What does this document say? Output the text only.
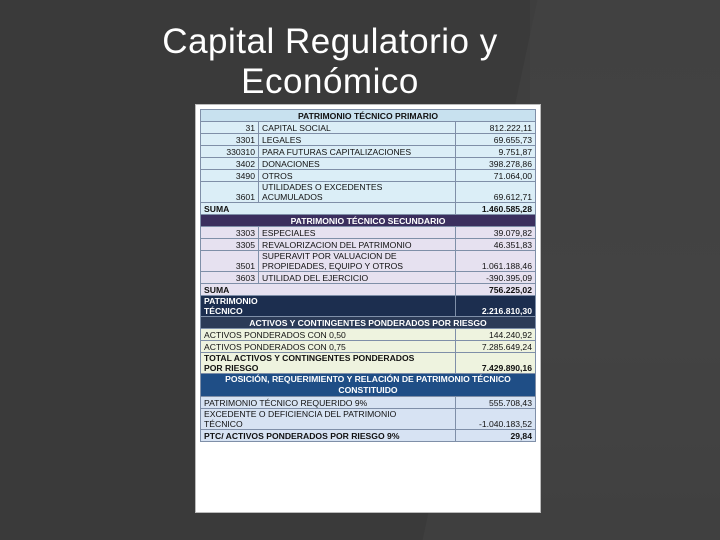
Capital Regulatorio y
Económico
PATRIMONIO TÉCNICO PRIMARIO		
31	CAPITAL SOCIAL	812.222,11
3301	LEGALES	69.655,73
330310	PARA FUTURAS CAPITALIZACIONES	9.751,87
3402	DONACIONES	398.278,86
3490	OTROS	71.064,00
3601	UTILIDADES O EXCEDENTES
ACUMULADOS	69.612,71
SUMA		1.460.585,28
PATRIMONIO TÉCNICO SECUNDARIO		
3303	ESPECIALES	39.079,82
3305	REVALORIZACION DEL PATRIMONIO	46.351,83
3501	SUPERAVIT POR VALUACION DE
PROPIEDADES, EQUIPO Y OTROS	1.061.188,46
3603	UTILIDAD DEL EJERCICIO	-390.395,09
SUMA		756.225,02
PATRIMONIO
TÉCNICO		2.216.810,30
ACTIVOS Y CONTINGENTES PONDERADOS POR RIESGO		
ACTIVOS PONDERADOS CON 0,50		144.240,92
ACTIVOS PONDERADOS CON 0,75		7.285.649,24
TOTAL ACTIVOS Y CONTINGENTES PONDERADOS
POR RIESGO		7.429.890,16
POSICIÓN, REQUERIMIENTO Y RELACIÓN DE PATRIMONIO TÉCNICO
CONSTITUIDO		
PATRIMONIO TÉCNICO REQUERIDO 9%		555.708,43
EXCEDENTE O DEFICIENCIA DEL PATRIMONIO
TÉCNICO		-1.040.183,52
PTC/ ACTIVOS PONDERADOS POR RIESGO 9%		29,84
